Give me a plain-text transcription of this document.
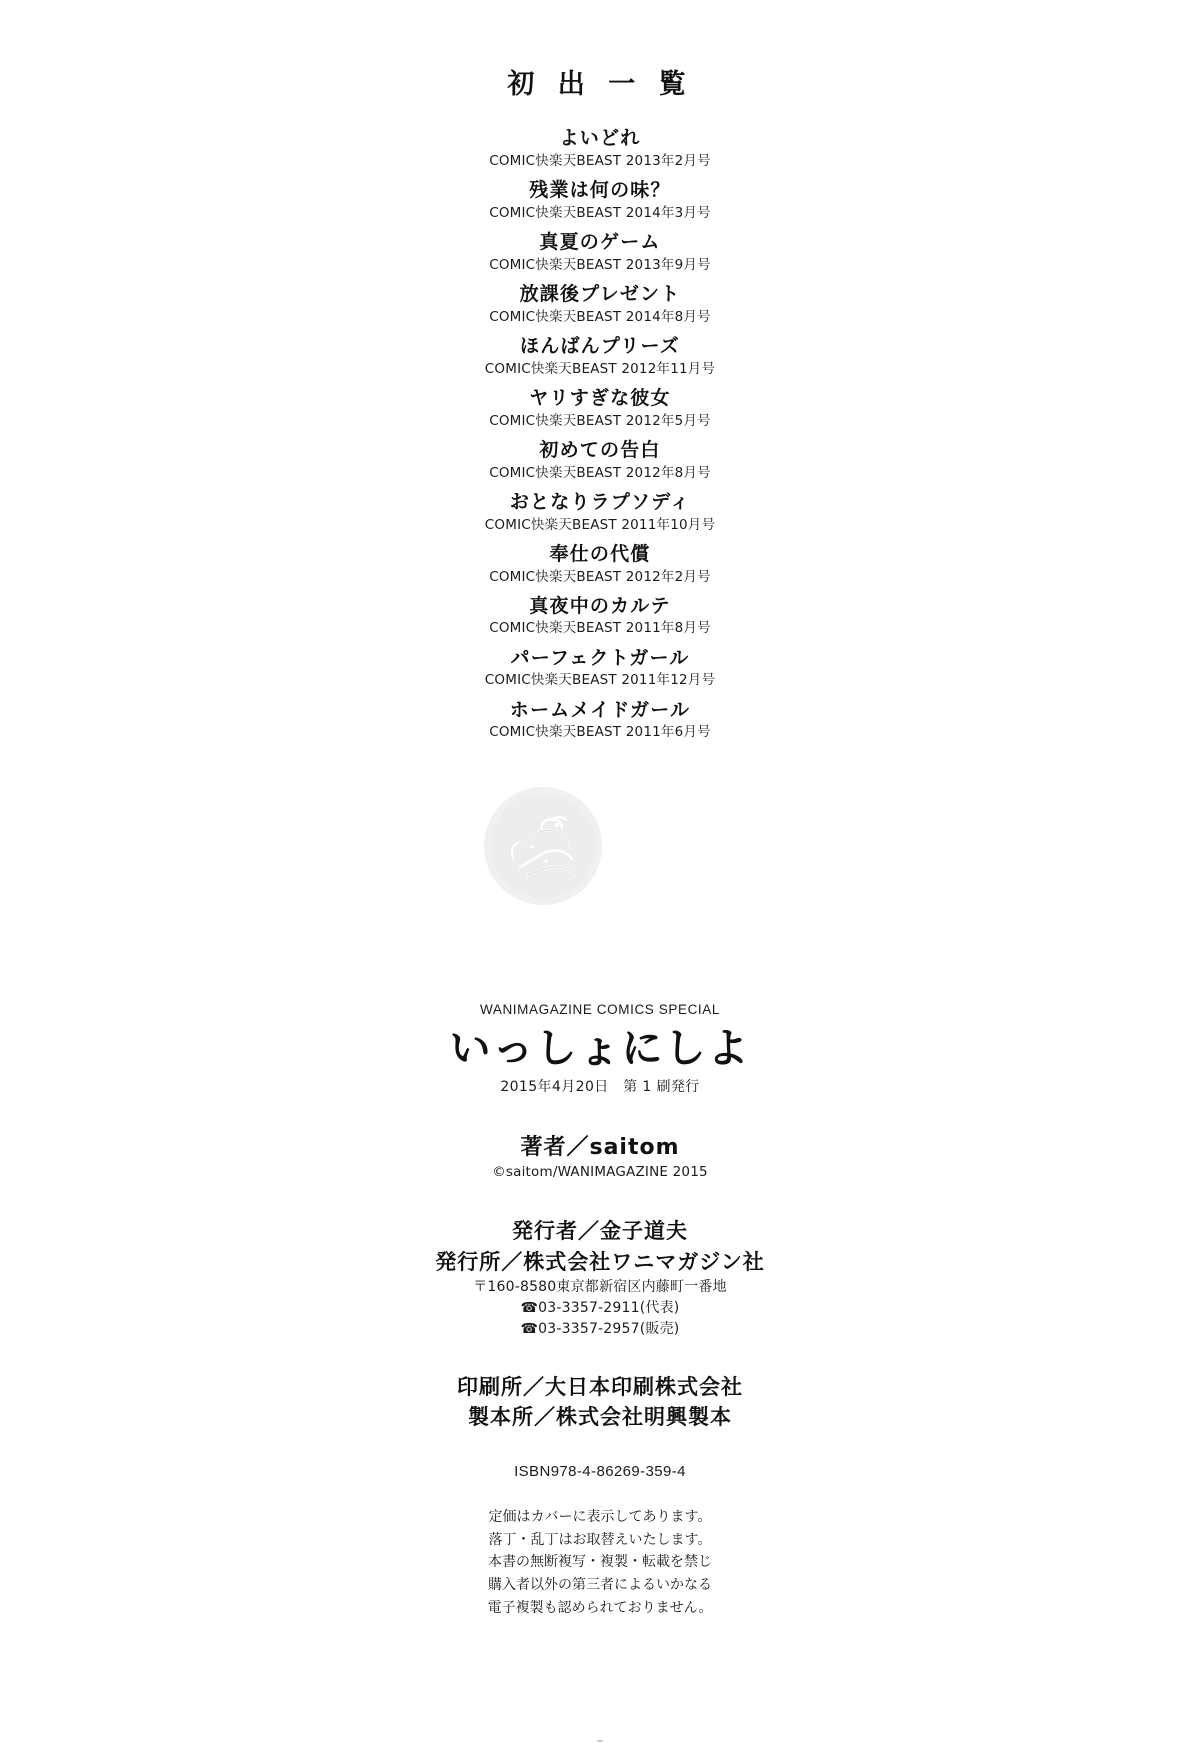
初 出 一 覧
よいどれ
COMIC快楽天BEAST 2013年2月号
残業は何の味？
COMIC快楽天BEAST 2014年3月号
真夏のゲーム
COMIC快楽天BEAST 2013年9月号
放課後プレゼント
COMIC快楽天BEAST 2014年8月号
ほんばんプリーズ
COMIC快楽天BEAST 2012年11月号
ヤリすぎな彼女
COMIC快楽天BEAST 2012年5月号
初めての告白
COMIC快楽天BEAST 2012年8月号
おとなりラプソディ
COMIC快楽天BEAST 2011年10月号
奉仕の代償
COMIC快楽天BEAST 2012年2月号
真夜中のカルテ
COMIC快楽天BEAST 2011年8月号
パーフェクトガール
COMIC快楽天BEAST 2011年12月号
ホームメイドガール
COMIC快楽天BEAST 2011年6月号
WANIMAGAZINE COMICS SPECIAL
いっしょにしよ
2015年4月20日　第 1 刷発行
著者／saitom
©saitom/WANIMAGAZINE 2015
発行者／金子道夫
発行所／株式会社ワニマガジン社
〒160-8580東京都新宿区内藤町一番地
☎03-3357-2911(代表)
☎03-3357-2957(販売)
印刷所／大日本印刷株式会社
製本所／株式会社明興製本
ISBN978-4-86269-359-4
定価はカバーに表示してあります。
落丁・乱丁はお取替えいたします。
本書の無断複写・複製・転載を禁じ
購入者以外の第三者によるいかなる
電子複製も認められておりません。
